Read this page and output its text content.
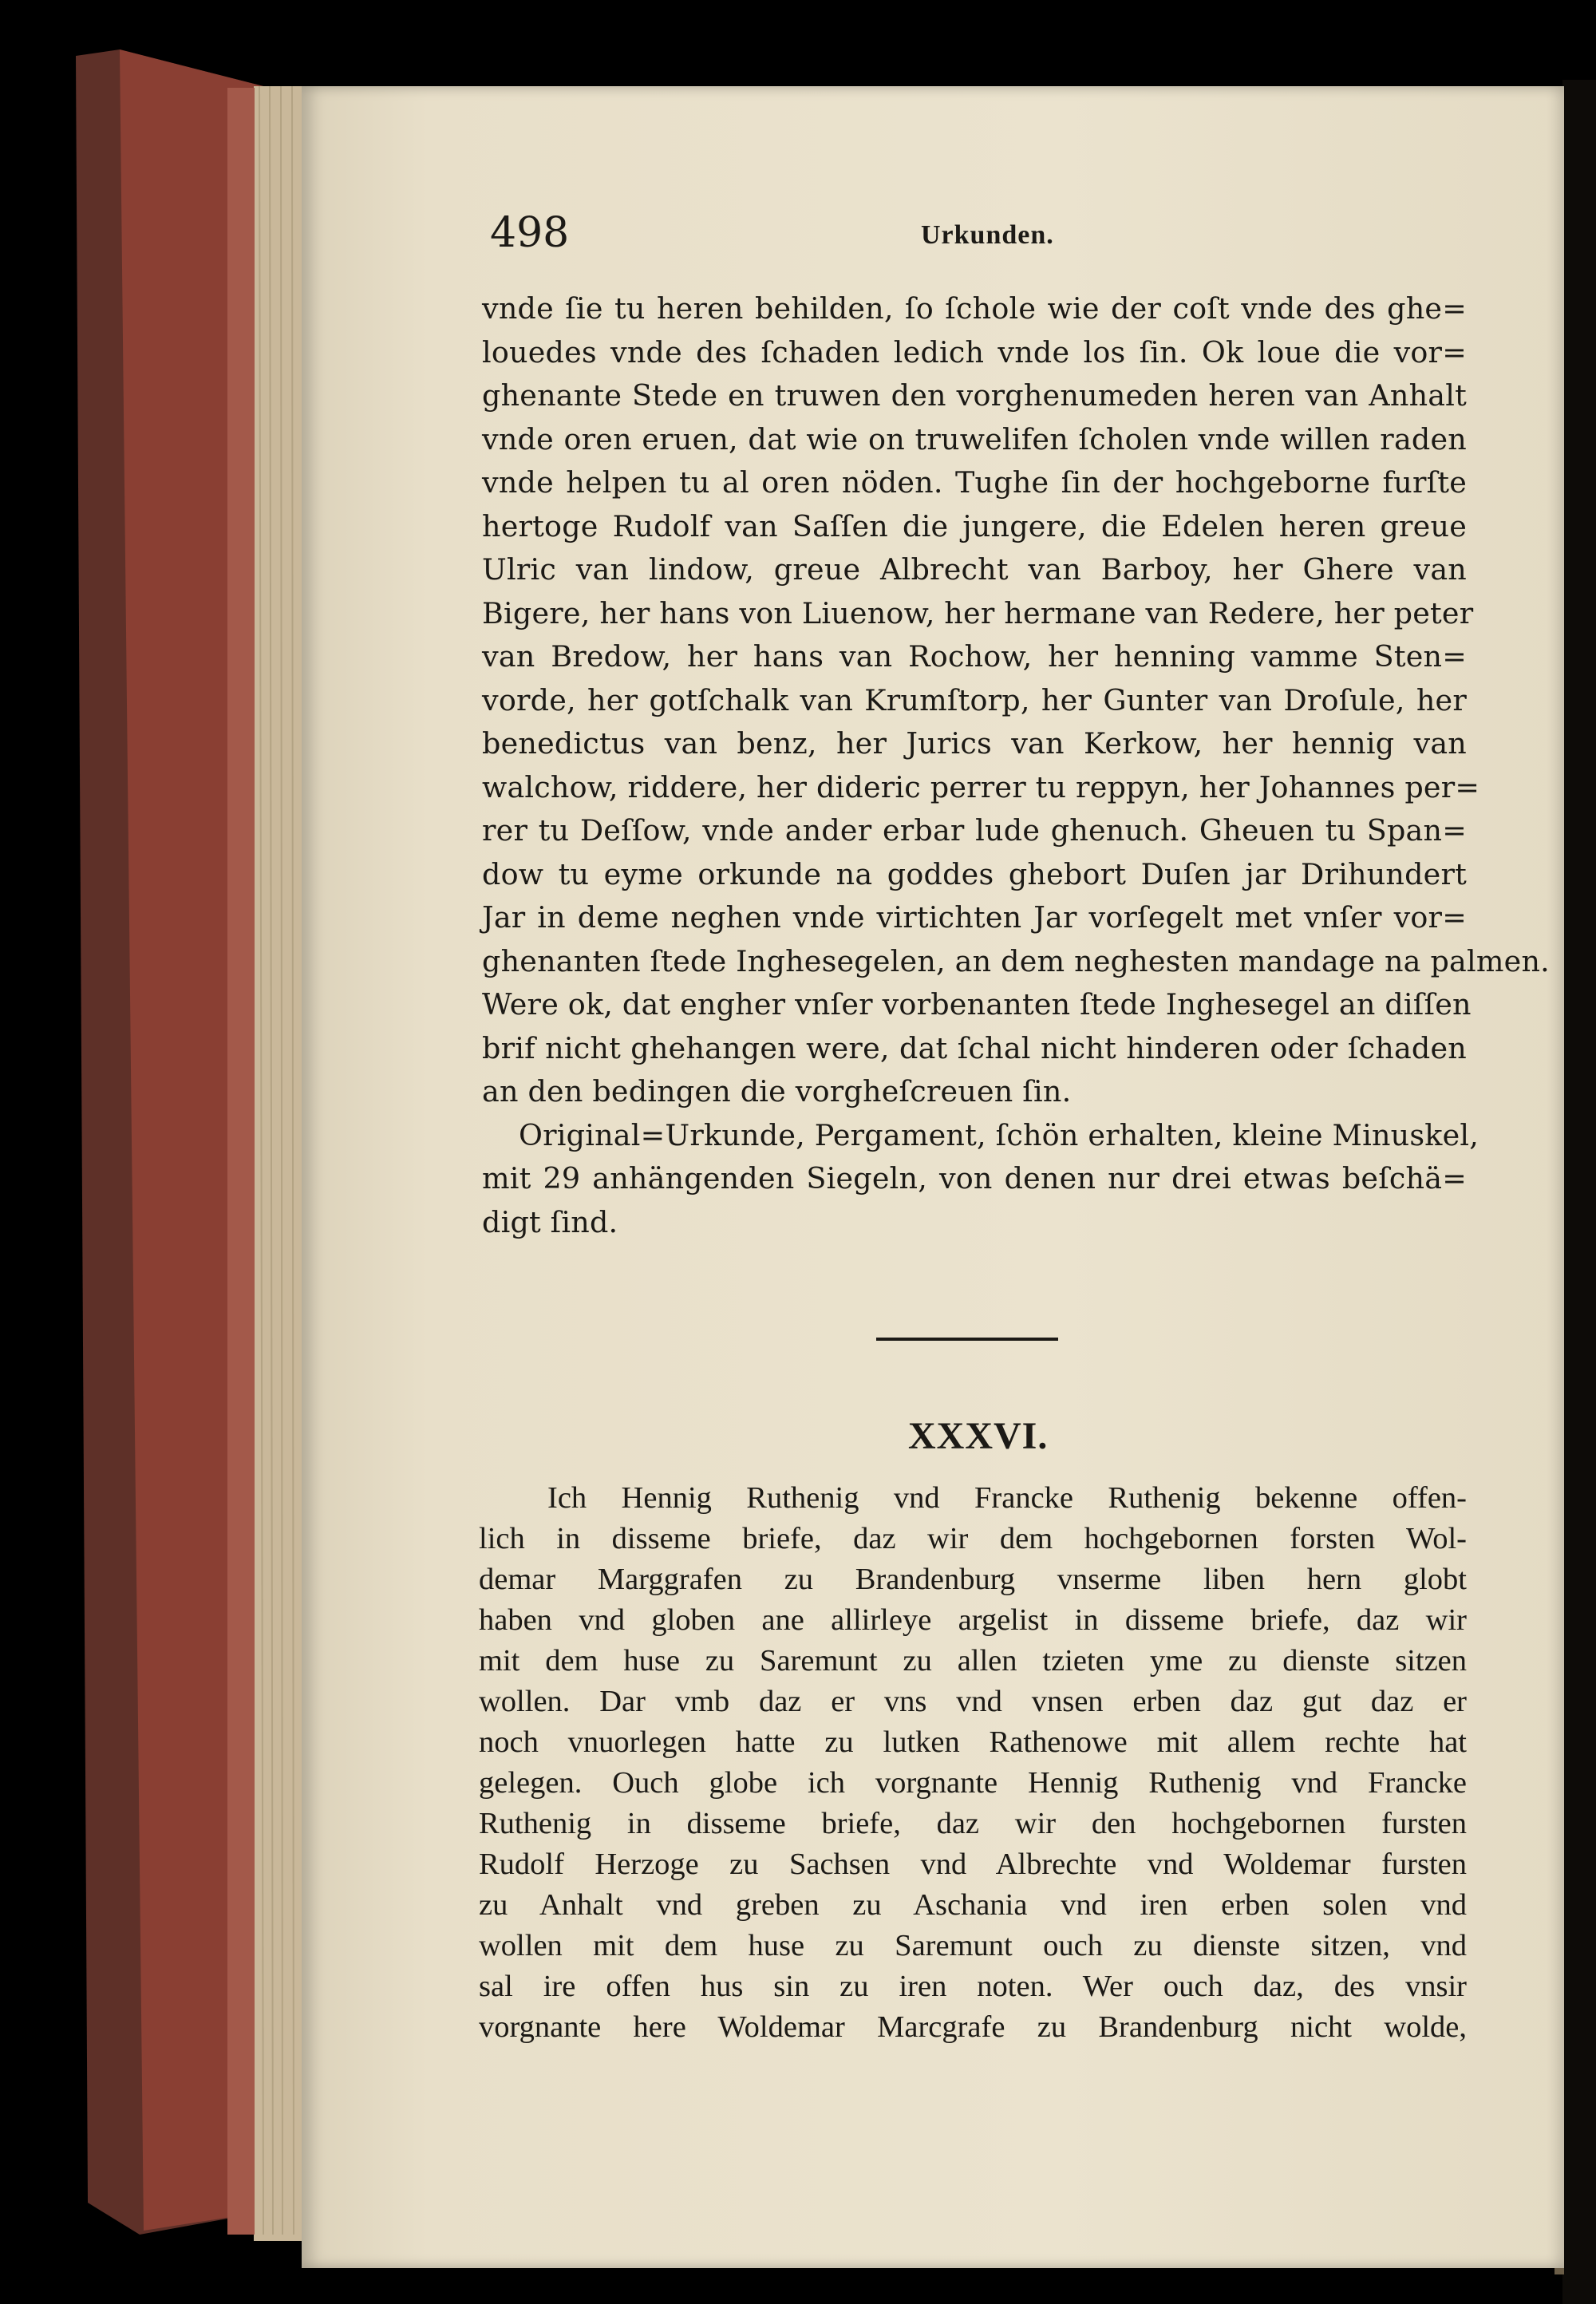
498	Urkunden.
vnde ſie tu heren behilden, ſo ſchole wie der coſt vnde des ghe=
louedes vnde des ſchaden ledich vnde los ſin. Ok loue die vor=
ghenante Stede en truwen den vorghenumeden heren van Anhalt
vnde oren eruen, dat wie on truwelifen ſcholen vnde willen raden
vnde helpen tu al oren nöden. Tughe ſin der hochgeborne furſte
hertoge Rudolf van Saſſen die jungere, die Edelen heren greue
Ulric van lindow, greue Albrecht van Barboy, her Ghere van
Bigere, her hans von Liuenow, her hermane van Redere, her peter
van Bredow, her hans van Rochow, her henning vamme Sten=
vorde, her gotſchalk van Krumſtorp, her Gunter van Droſule, her
benedictus van benz, her Jurics van Kerkow, her hennig van
walchow, riddere, her dideric perrer tu reppyn, her Johannes per=
rer tu Deſſow, vnde ander erbar lude ghenuch. Gheuen tu Span=
dow tu eyme orkunde na goddes ghebort Duſen jar Drihundert
Jar in deme neghen vnde virtichten Jar vorſegelt met vnſer vor=
ghenanten ſtede Inghesegelen, an dem neghesten mandage na palmen.
Were ok, dat engher vnſer vorbenanten ſtede Inghesegel an diſſen
brif nicht ghehangen were, dat ſchal nicht hinderen oder ſchaden
an den bedingen die vorgheſcreuen ſin.
Original=Urkunde, Pergament, ſchön erhalten, kleine Minuskel,
mit 29 anhängenden Siegeln, von denen nur drei etwas beſchä=
digt ſind.
XXXVI.
Ich Hennig Ruthenig vnd Francke Ruthenig bekenne offen-
lich in disseme briefe, daz wir dem hochgebornen forsten Wol-
demar Marggrafen zu Brandenburg vnserme liben hern globt
haben vnd globen ane allirleye argelist in disseme briefe, daz wir
mit dem huse zu Saremunt zu allen tzieten yme zu dienste sitzen
wollen. Dar vmb daz er vns vnd vnsen erben daz gut daz er
noch vnuorlegen hatte zu lutken Rathenowe mit allem rechte hat
gelegen. Ouch globe ich vorgnante Hennig Ruthenig vnd Francke
Ruthenig in disseme briefe, daz wir den hochgebornen fursten
Rudolf Herzoge zu Sachsen vnd Albrechte vnd Woldemar fursten
zu Anhalt vnd greben zu Aschania vnd iren erben solen vnd
wollen mit dem huse zu Saremunt ouch zu dienste sitzen, vnd
sal ire offen hus sin zu iren noten. Wer ouch daz, des vnsir
vorgnante here Woldemar Marcgrafe zu Brandenburg nicht wolde,
